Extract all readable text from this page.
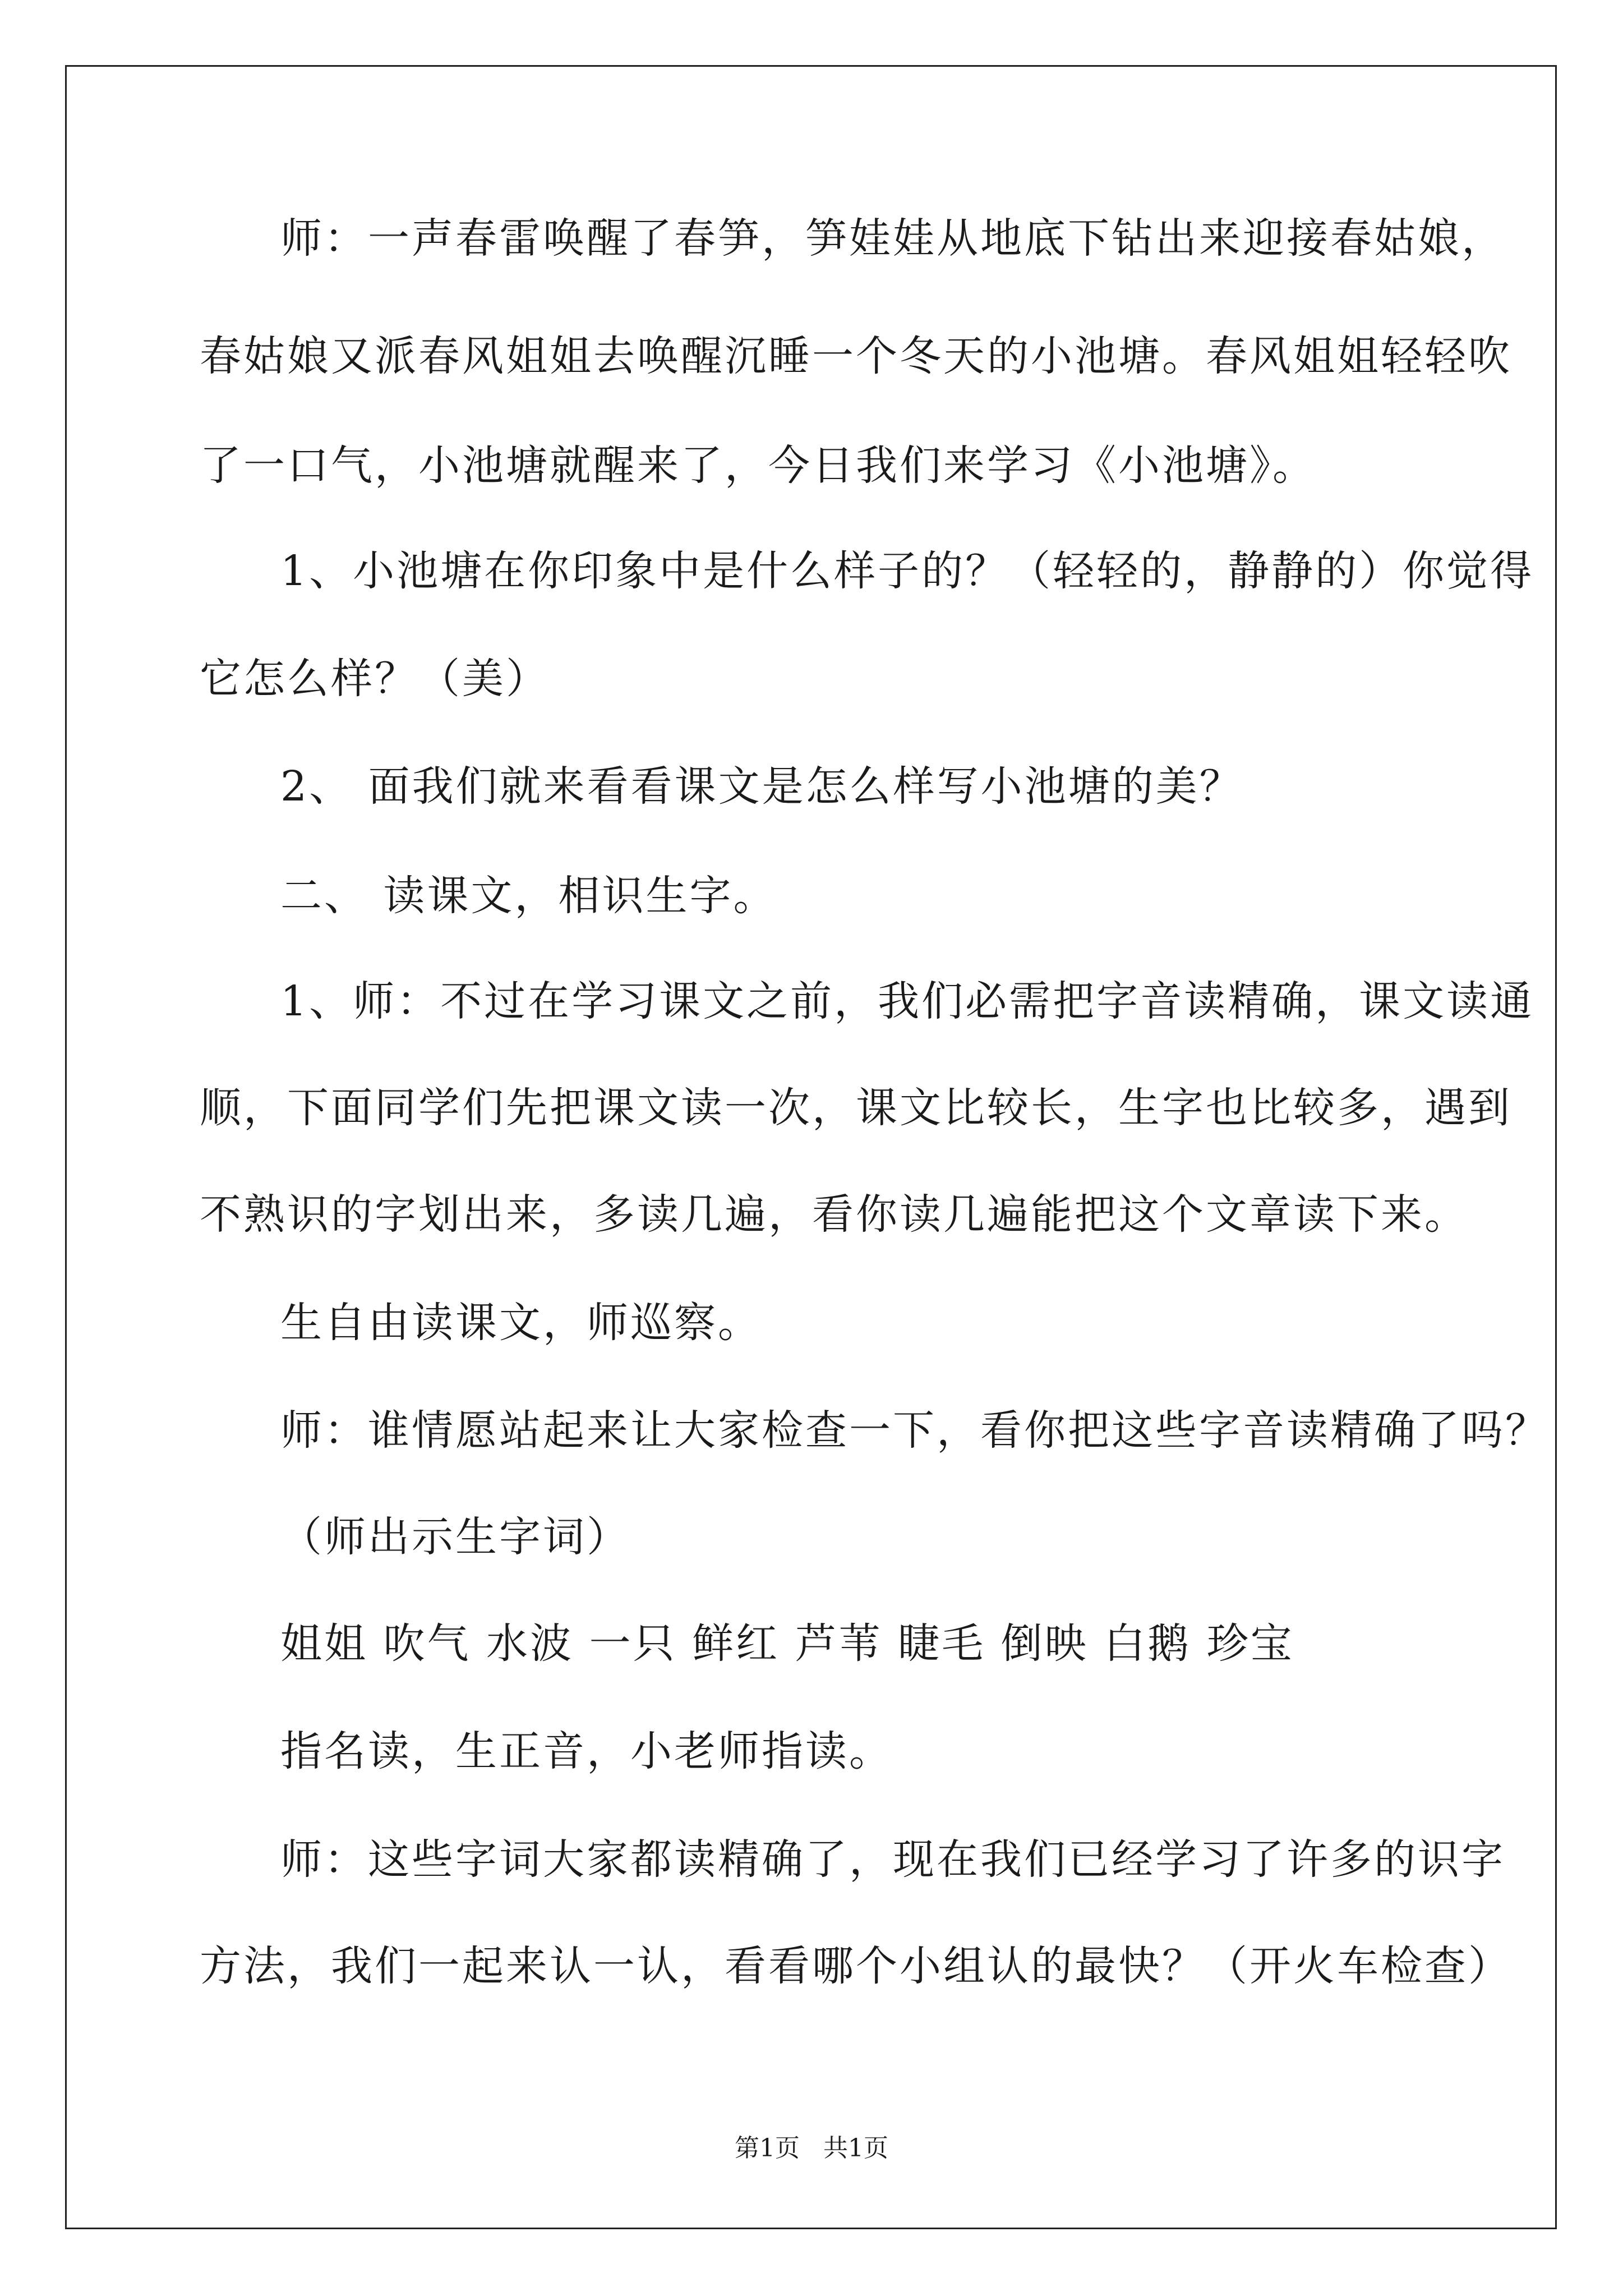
师：一声春雷唤醒了春笋，笋娃娃从地底下钻出来迎接春姑娘，
春姑娘又派春风姐姐去唤醒沉睡一个冬天的小池塘。春风姐姐轻轻吹
了一口气，小池塘就醒来了，今日我们来学习《小池塘》。
1、小池塘在你印象中是什么样子的？（轻轻的，静静的）你觉得
它怎么样？（美）
2、 面我们就来看看课文是怎么样写小池塘的美？
二、 读课文，相识生字。
1、师：不过在学习课文之前，我们必需把字音读精确，课文读通
顺，下面同学们先把课文读一次，课文比较长，生字也比较多，遇到
不熟识的字划出来，多读几遍，看你读几遍能把这个文章读下来。
生自由读课文，师巡察。
师：谁情愿站起来让大家检查一下，看你把这些字音读精确了吗？
（师出示生字词）
姐姐 吹气 水波 一只 鲜红 芦苇 睫毛 倒映 白鹅 珍宝
指名读，生正音，小老师指读。
师：这些字词大家都读精确了，现在我们已经学习了许多的识字
方法，我们一起来认一认，看看哪个小组认的最快？（开火车检查）
第1页   共1页
